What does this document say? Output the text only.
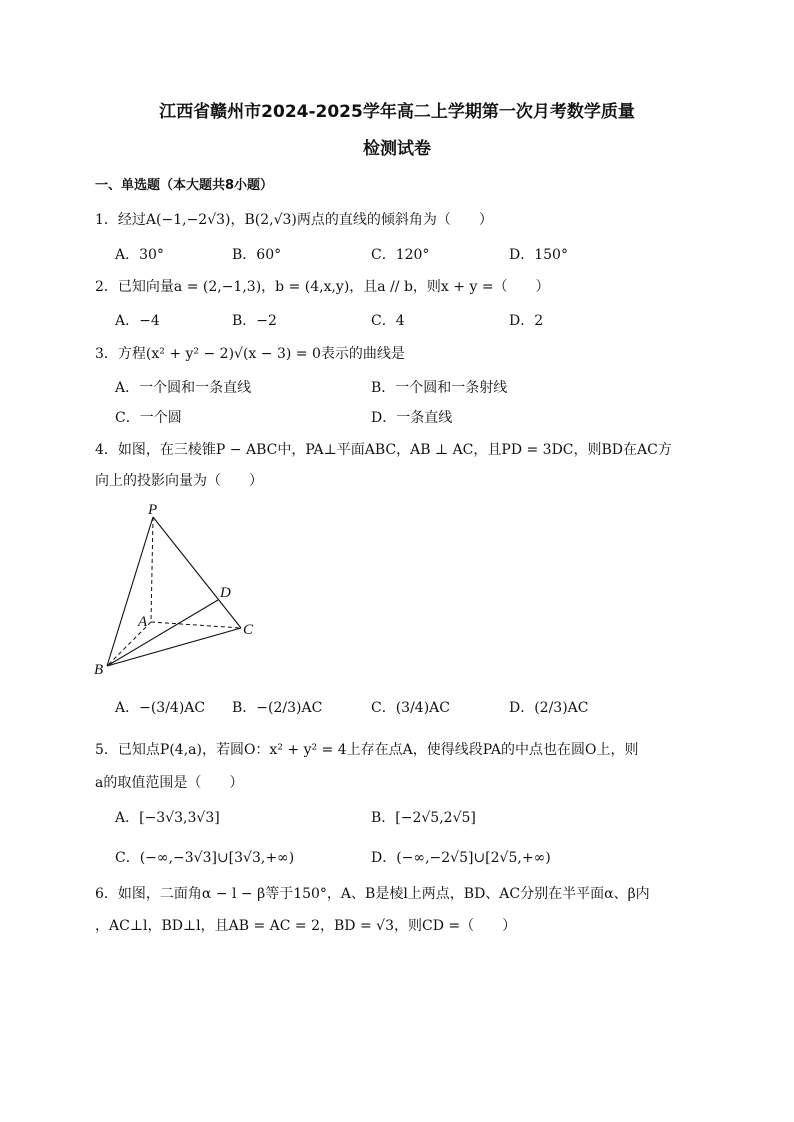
江西省赣州市2024-2025学年高二上学期第一次月考数学质量
检测试卷
一、单选题（本大题共8小题）
1．经过A(−1,−2√3)，B(2,√3)两点的直线的倾斜角为（　　）
A．30°	B．60°	C．120°	D．150°
2．已知向量a = (2,−1,3)，b = (4,x,y)，且a // b，则x + y =（　　）
A．−4	B．−2	C．4	D．2
3．方程(x² + y² − 2)√(x − 3) = 0表示的曲线是
A．一个圆和一条直线	B．一个圆和一条射线
C．一个圆	D．一条直线
4．如图，在三棱锥P − ABC中，PA⊥平面ABC，AB ⊥ AC，且PD = 3DC，则BD在AC方
向上的投影向量为（　　）
P
A
B
C
D
A．−(3/4)AC B．−(2/3)AC	C．(3/4)AC	D．(2/3)AC
5．已知点P(4,a)，若圆O：x² + y² = 4上存在点A，使得线段PA的中点也在圆O上，则
a的取值范围是（　　）
A．[−3√3,3√3]	B．[−2√5,2√5]
C．(−∞,−3√3]∪[3√3,+∞)	D．(−∞,−2√5]∪[2√5,+∞)
6．如图，二面角α − l − β等于150°，A、B是棱l上两点，BD、AC分别在半平面α、β内
，AC⊥l，BD⊥l，且AB = AC = 2，BD = √3，则CD =（　　）
